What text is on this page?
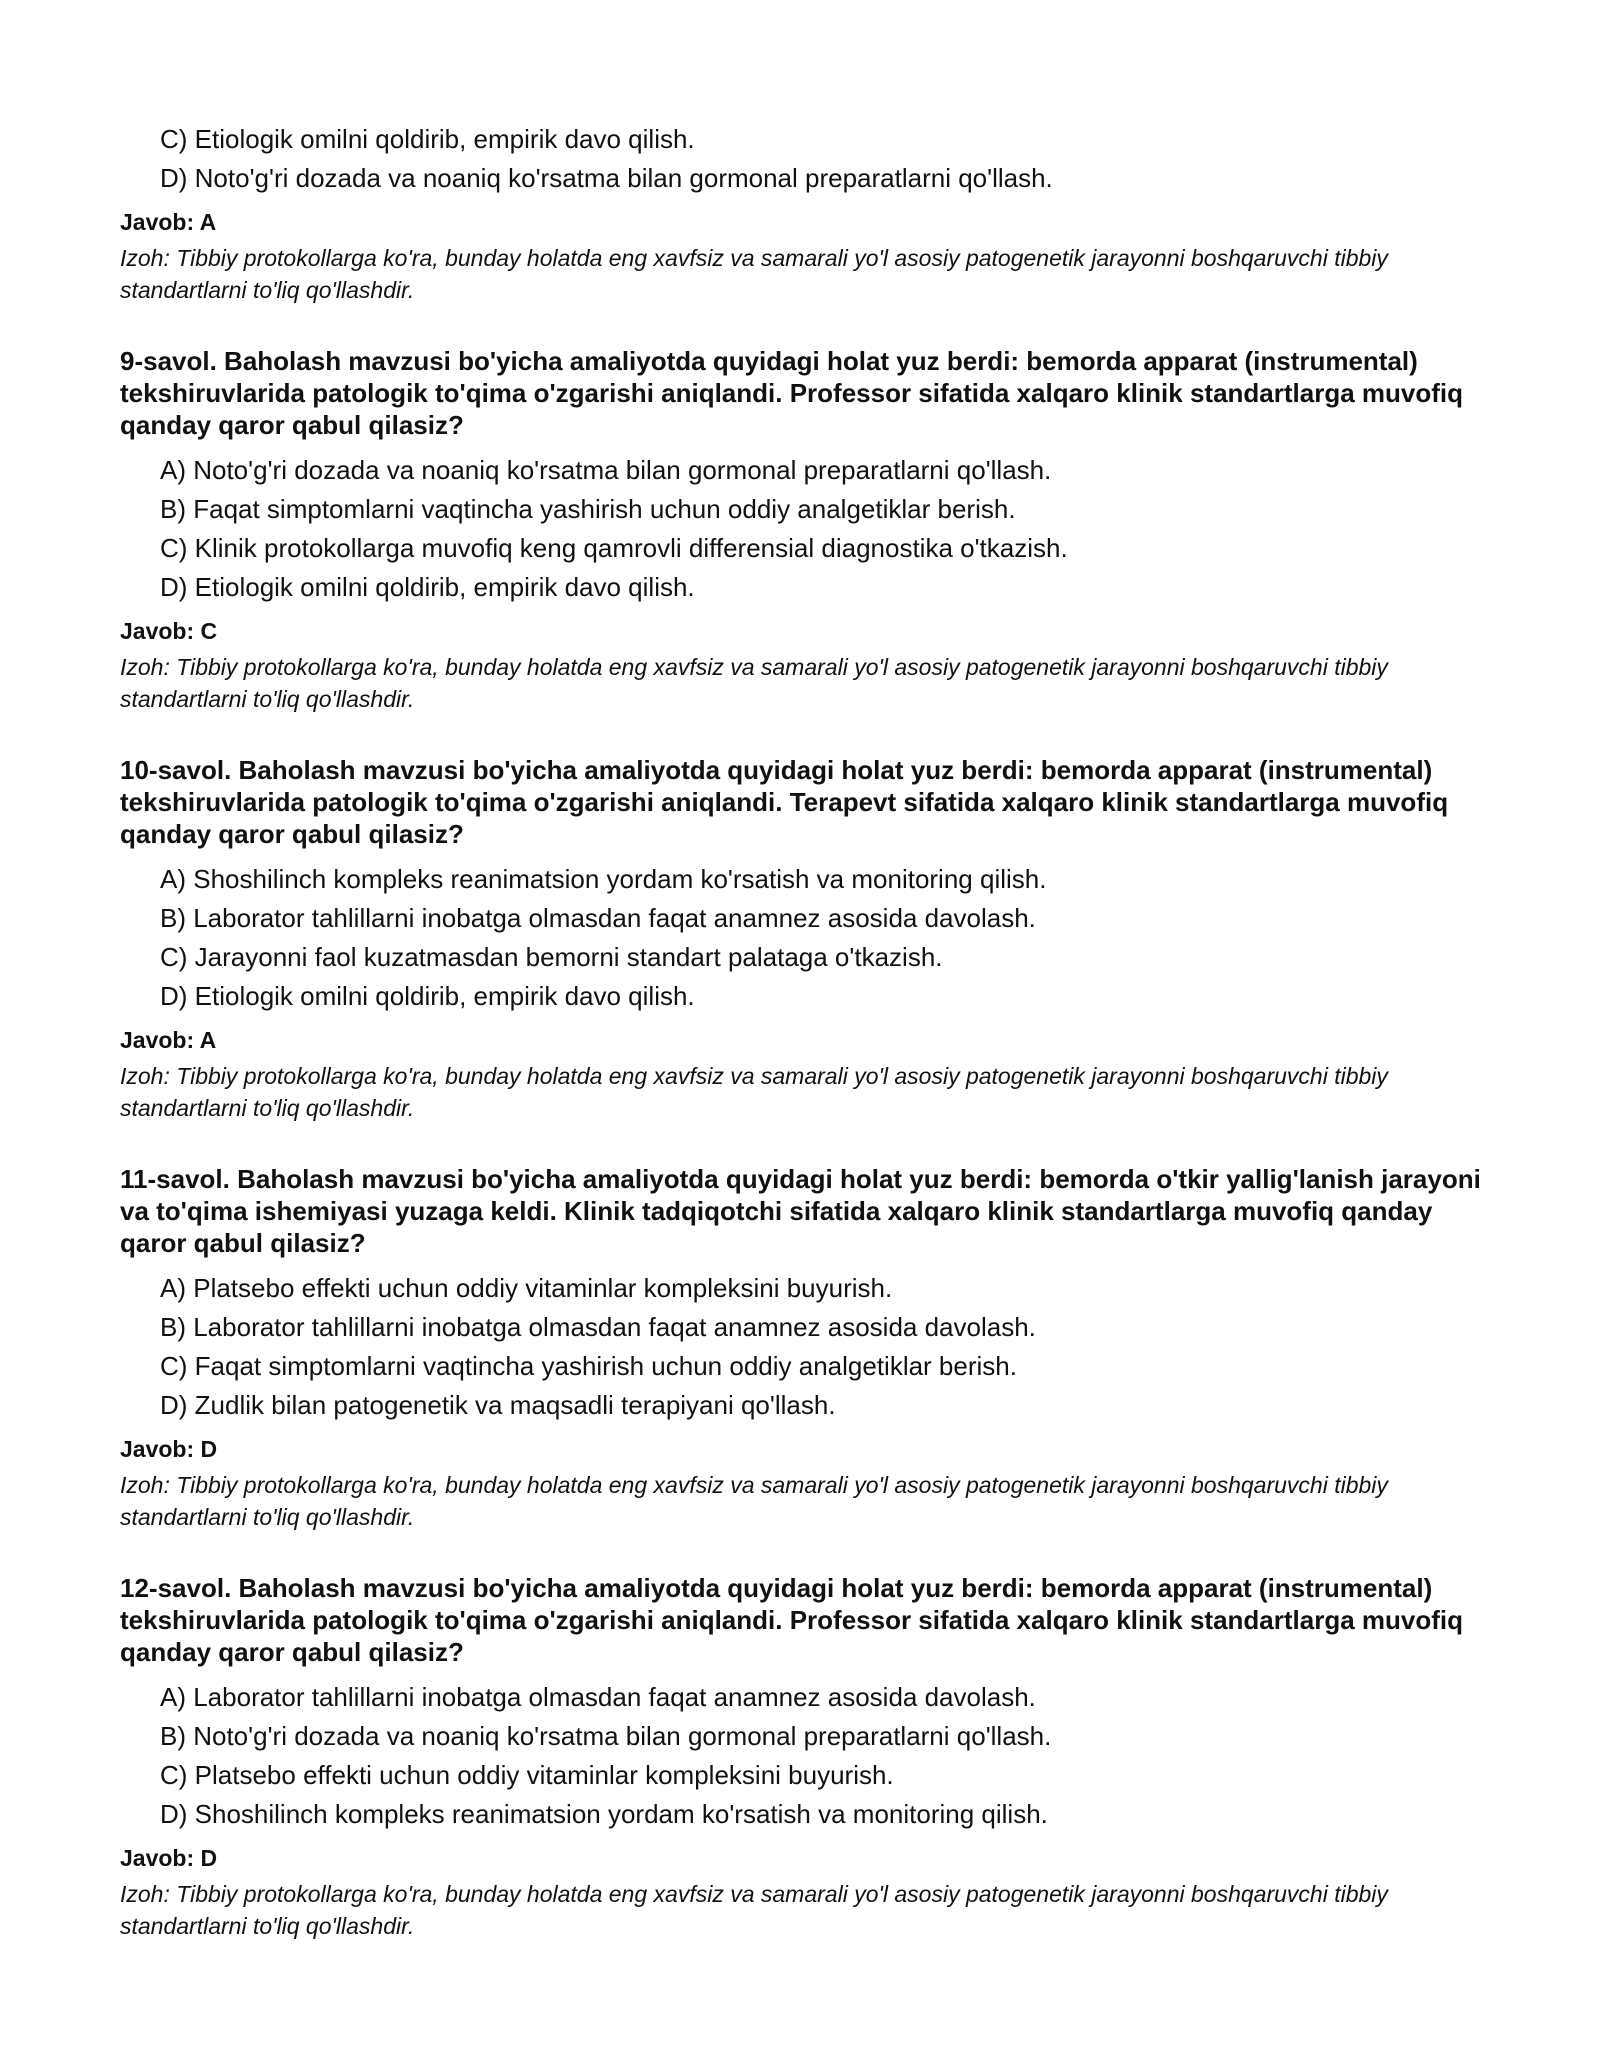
C) Etiologik omilni qoldirib, empirik davo qilish.
D) Noto'g'ri dozada va noaniq ko'rsatma bilan gormonal preparatlarni qo'llash.
Javob: A
Izoh: Tibbiy protokollarga ko'ra, bunday holatda eng xavfsiz va samarali yo'l asosiy patogenetik jarayonni boshqaruvchi tibbiy standartlarni to'liq qo'llashdir.
9-savol. Baholash mavzusi bo'yicha amaliyotda quyidagi holat yuz berdi: bemorda apparat (instrumental) tekshiruvlarida patologik to'qima o'zgarishi aniqlandi. Professor sifatida xalqaro klinik standartlarga muvofiq qanday qaror qabul qilasiz?
A) Noto'g'ri dozada va noaniq ko'rsatma bilan gormonal preparatlarni qo'llash.
B) Faqat simptomlarni vaqtincha yashirish uchun oddiy analgetiklar berish.
C) Klinik protokollarga muvofiq keng qamrovli differensial diagnostika o'tkazish.
D) Etiologik omilni qoldirib, empirik davo qilish.
Javob: C
Izoh: Tibbiy protokollarga ko'ra, bunday holatda eng xavfsiz va samarali yo'l asosiy patogenetik jarayonni boshqaruvchi tibbiy standartlarni to'liq qo'llashdir.
10-savol. Baholash mavzusi bo'yicha amaliyotda quyidagi holat yuz berdi: bemorda apparat (instrumental) tekshiruvlarida patologik to'qima o'zgarishi aniqlandi. Terapevt sifatida xalqaro klinik standartlarga muvofiq qanday qaror qabul qilasiz?
A) Shoshilinch kompleks reanimatsion yordam ko'rsatish va monitoring qilish.
B) Laborator tahlillarni inobatga olmasdan faqat anamnez asosida davolash.
C) Jarayonni faol kuzatmasdan bemorni standart palataga o'tkazish.
D) Etiologik omilni qoldirib, empirik davo qilish.
Javob: A
Izoh: Tibbiy protokollarga ko'ra, bunday holatda eng xavfsiz va samarali yo'l asosiy patogenetik jarayonni boshqaruvchi tibbiy standartlarni to'liq qo'llashdir.
11-savol. Baholash mavzusi bo'yicha amaliyotda quyidagi holat yuz berdi: bemorda o'tkir yallig'lanish jarayoni va to'qima ishemiyasi yuzaga keldi. Klinik tadqiqotchi sifatida xalqaro klinik standartlarga muvofiq qanday qaror qabul qilasiz?
A) Platsebo effekti uchun oddiy vitaminlar kompleksini buyurish.
B) Laborator tahlillarni inobatga olmasdan faqat anamnez asosida davolash.
C) Faqat simptomlarni vaqtincha yashirish uchun oddiy analgetiklar berish.
D) Zudlik bilan patogenetik va maqsadli terapiyani qo'llash.
Javob: D
Izoh: Tibbiy protokollarga ko'ra, bunday holatda eng xavfsiz va samarali yo'l asosiy patogenetik jarayonni boshqaruvchi tibbiy standartlarni to'liq qo'llashdir.
12-savol. Baholash mavzusi bo'yicha amaliyotda quyidagi holat yuz berdi: bemorda apparat (instrumental) tekshiruvlarida patologik to'qima o'zgarishi aniqlandi. Professor sifatida xalqaro klinik standartlarga muvofiq qanday qaror qabul qilasiz?
A) Laborator tahlillarni inobatga olmasdan faqat anamnez asosida davolash.
B) Noto'g'ri dozada va noaniq ko'rsatma bilan gormonal preparatlarni qo'llash.
C) Platsebo effekti uchun oddiy vitaminlar kompleksini buyurish.
D) Shoshilinch kompleks reanimatsion yordam ko'rsatish va monitoring qilish.
Javob: D
Izoh: Tibbiy protokollarga ko'ra, bunday holatda eng xavfsiz va samarali yo'l asosiy patogenetik jarayonni boshqaruvchi tibbiy standartlarni to'liq qo'llashdir.
